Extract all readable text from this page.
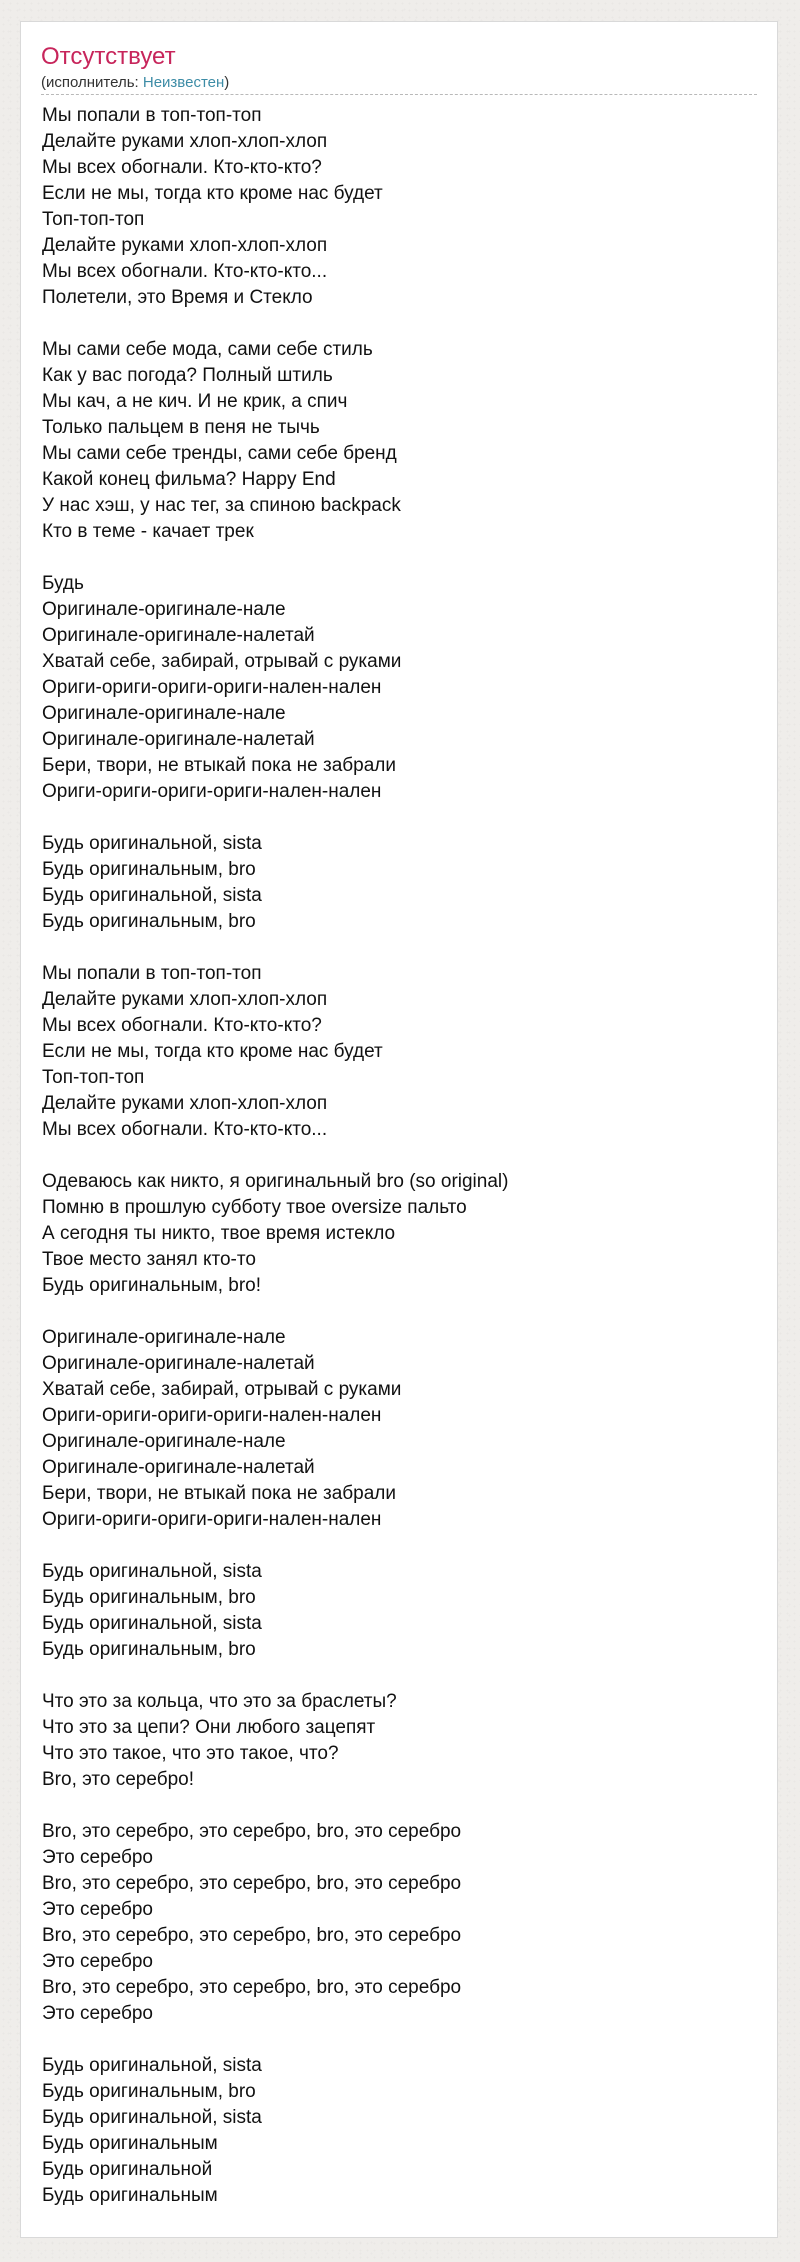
Отсутствует
(исполнитель: Неизвестен)
Мы попали в топ-топ-топ
Делайте руками хлоп-хлоп-хлоп
Мы всех обогнали. Кто-кто-кто?
Если не мы, тогда кто кроме нас будет
Топ-топ-топ
Делайте руками хлоп-хлоп-хлоп
Мы всех обогнали. Кто-кто-кто...
Полетели, это Время и Стекло
Мы сами себе мода, сами себе стиль
Как у вас погода? Полный штиль
Мы кач, а не кич. И не крик, а спич
Только пальцем в пеня не тычь
Мы сами себе тренды, сами себе бренд
Какой конец фильма? Happy End
У нас хэш, у нас тег, за спиною backpack
Кто в теме - качает трек
Будь
Оригинале-оригинале-нале
Оригинале-оригинале-налетай
Хватай себе, забирай, отрывай с руками
Ориги-ориги-ориги-ориги-нален-нален
Оригинале-оригинале-нале
Оригинале-оригинале-налетай
Бери, твори, не втыкай пока не забрали
Ориги-ориги-ориги-ориги-нален-нален
Будь оригинальной, sista
Будь оригинальным, bro
Будь оригинальной, sista
Будь оригинальным, bro
Мы попали в топ-топ-топ
Делайте руками хлоп-хлоп-хлоп
Мы всех обогнали. Кто-кто-кто?
Если не мы, тогда кто кроме нас будет
Топ-топ-топ
Делайте руками хлоп-хлоп-хлоп
Мы всех обогнали. Кто-кто-кто...
Одеваюсь как никто, я оригинальный bro (so original)
Помню в прошлую субботу твое oversize пальто
А сегодня ты никто, твое время истекло
Твое место занял кто-то
Будь оригинальным, bro!
Оригинале-оригинале-нале
Оригинале-оригинале-налетай
Хватай себе, забирай, отрывай с руками
Ориги-ориги-ориги-ориги-нален-нален
Оригинале-оригинале-нале
Оригинале-оригинале-налетай
Бери, твори, не втыкай пока не забрали
Ориги-ориги-ориги-ориги-нален-нален
Будь оригинальной, sista
Будь оригинальным, bro
Будь оригинальной, sista
Будь оригинальным, bro
Что это за кольца, что это за браслеты?
Что это за цепи? Они любого зацепят
Что это такое, что это такое, что?
Bro, это серебро!
Bro, это серебро, это серебро, bro, это серебро
Это серебро
Bro, это серебро, это серебро, bro, это серебро
Это серебро
Bro, это серебро, это серебро, bro, это серебро
Это серебро
Bro, это серебро, это серебро, bro, это серебро
Это серебро
Будь оригинальной, sista
Будь оригинальным, bro
Будь оригинальной, sista
Будь оригинальным
Будь оригинальной
Будь оригинальным
